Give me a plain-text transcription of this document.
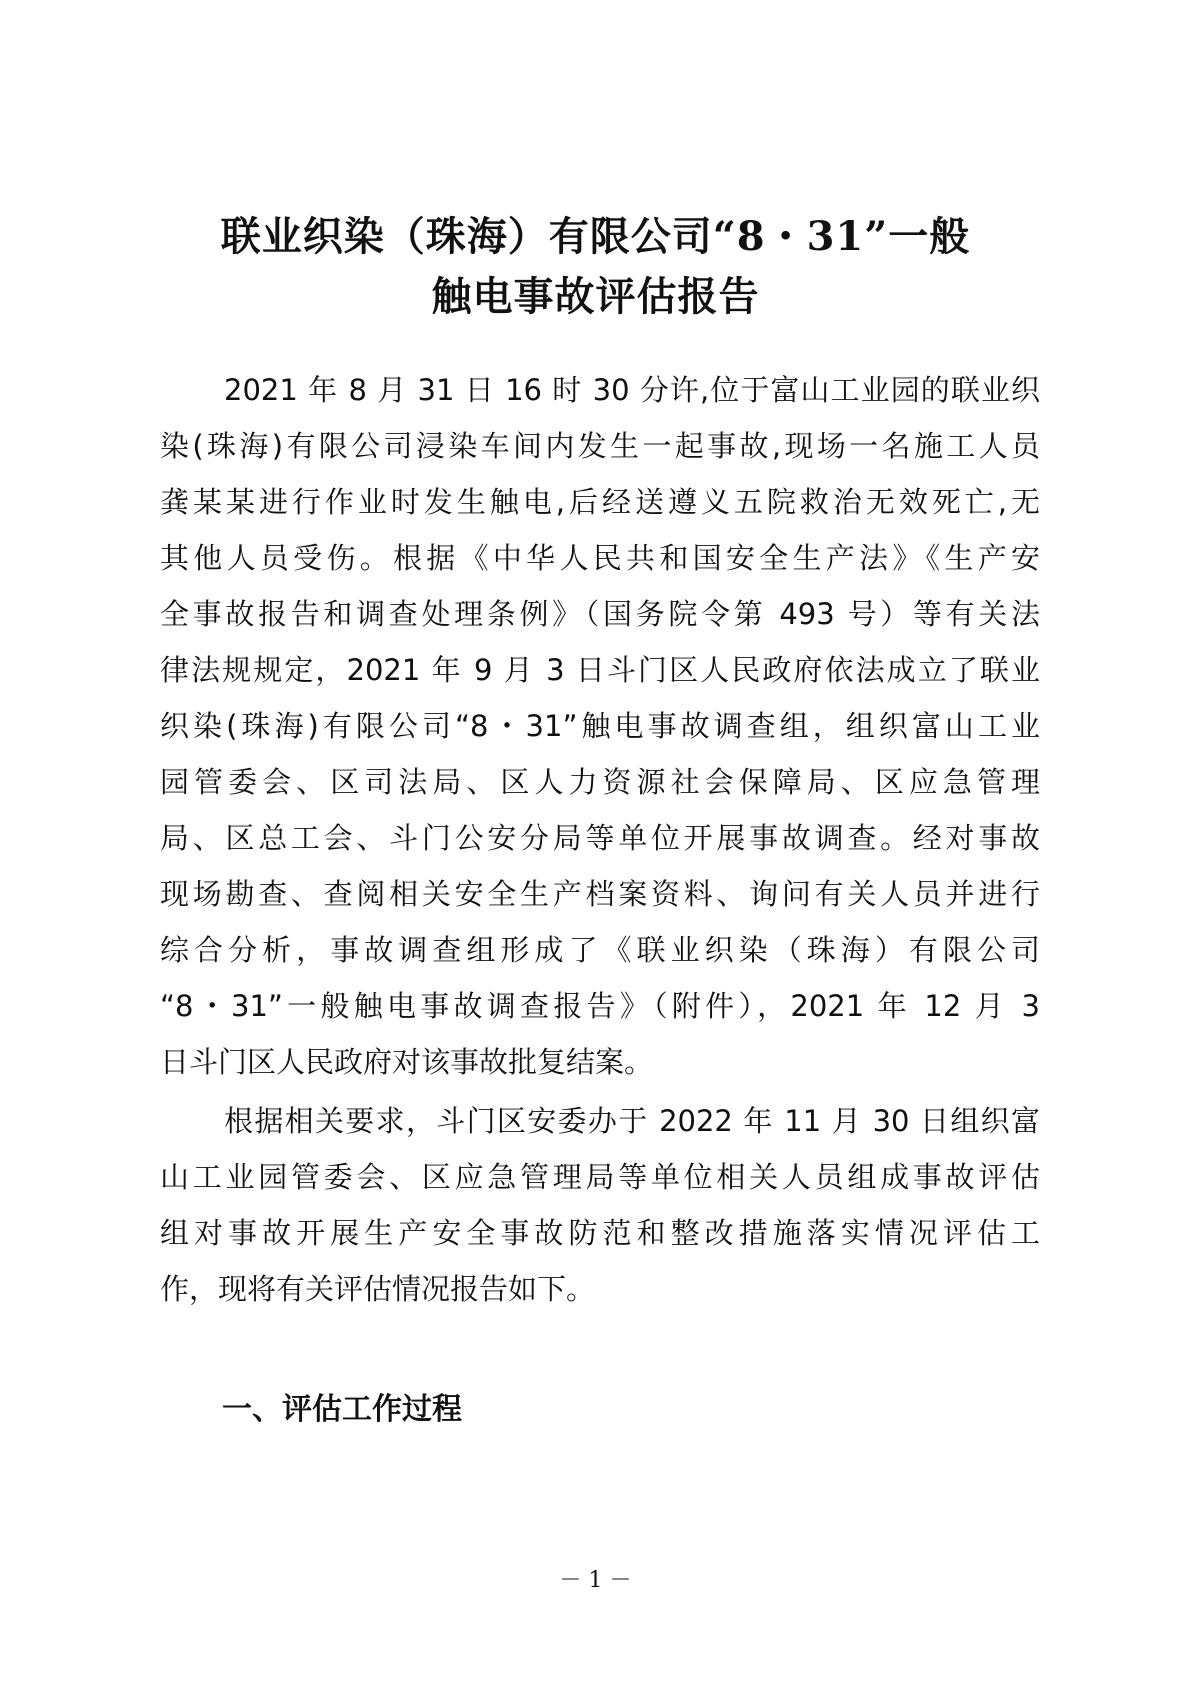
联业织染（珠海）有限公司“8・31”一般
触电事故评估报告
2021 年 8 月 31 日 16 时 30 分许,位于富山工业园的联业织
染(珠海)有限公司浸染车间内发生一起事故,现场一名施工人员
龚某某进行作业时发生触电,后经送遵义五院救治无效死亡,无
其他人员受伤。根据《中华人民共和国安全生产法》《生产安
全事故报告和调查处理条例》（国务院令第 493 号）等有关法
律法规规定，2021 年 9 月 3 日斗门区人民政府依法成立了联业
织染(珠海)有限公司“8・31”触电事故调查组，组织富山工业
园管委会、区司法局、区人力资源社会保障局、区应急管理
局、区总工会、斗门公安分局等单位开展事故调查。经对事故
现场勘查、查阅相关安全生产档案资料、询问有关人员并进行
综合分析，事故调查组形成了《联业织染（珠海）有限公司
“8・31”一般触电事故调查报告》（附件），2021 年 12 月 3
日斗门区人民政府对该事故批复结案。
根据相关要求，斗门区安委办于 2022 年 11 月 30 日组织富
山工业园管委会、区应急管理局等单位相关人员组成事故评估
组对事故开展生产安全事故防范和整改措施落实情况评估工
作，现将有关评估情况报告如下。
一、评估工作过程
－ 1 －
